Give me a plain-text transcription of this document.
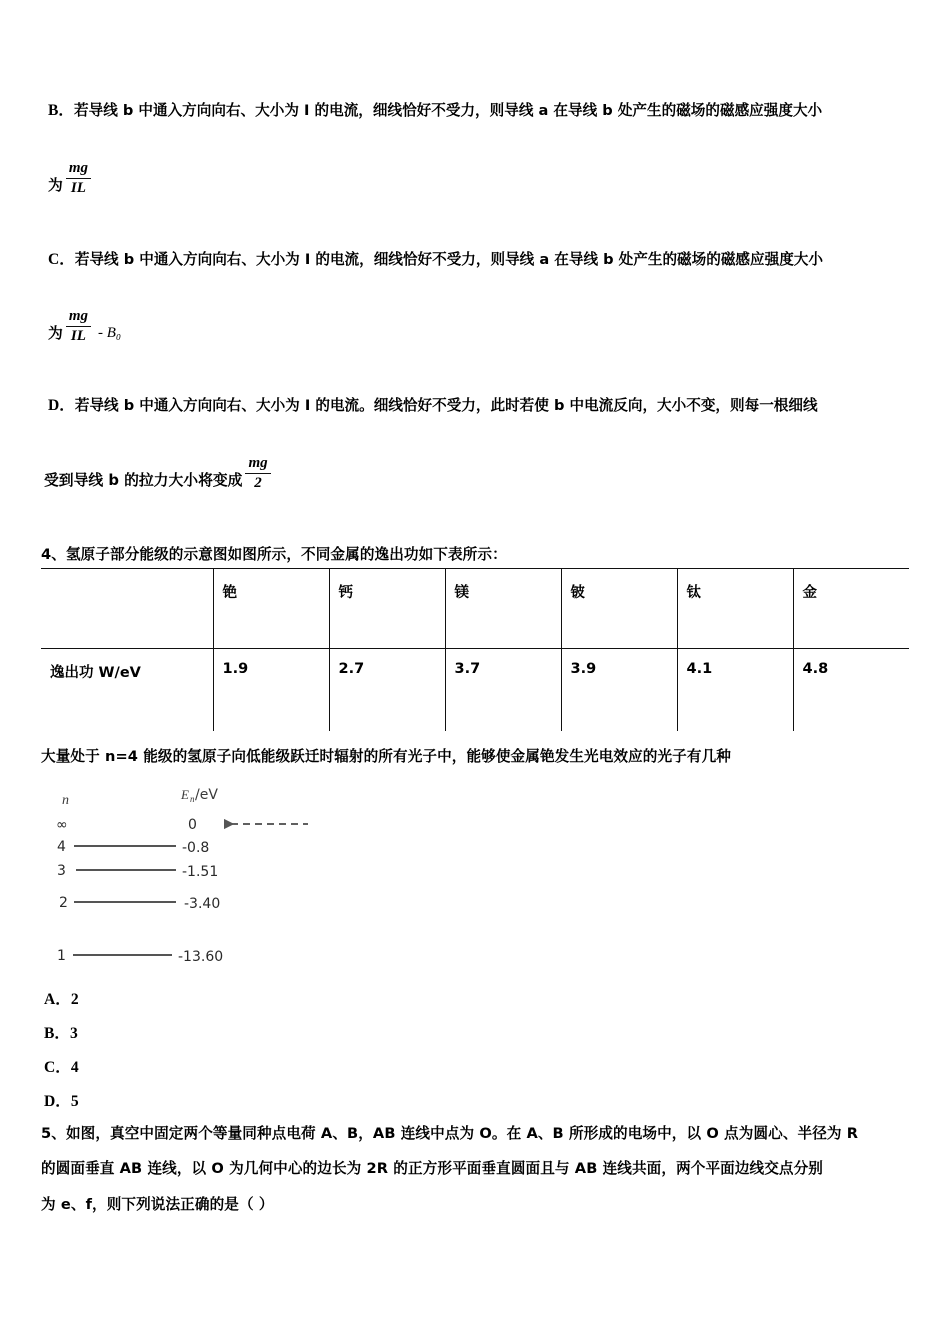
B．若导线 b 中通入方向向右、大小为 I 的电流，细线恰好不受力，则导线 a 在导线 b 处产生的磁场的磁感应强度大小
为 $\frac{mg}{IL}$
C．若导线 b 中通入方向向右、大小为 I 的电流，细线恰好不受力，则导线 a 在导线 b 处产生的磁场的磁感应强度大小
为 $\frac{mg}{IL} - B_0$
D．若导线 b 中通入方向向右、大小为 I 的电流。细线恰好不受力，此时若使 b 中电流反向，大小不变，则每一根细线
受到导线 b 的拉力大小将变成 $\frac{mg}{2}$
4、氢原子部分能级的示意图如图所示，不同金属的逸出功如下表所示：
	铯	钙	镁	铍	钛	金
逸出功 W/eV	1.9	2.7	3.7	3.9	4.1	4.8
大量处于 n=4 能级的氢原子向低能级跃迁时辐射的所有光子中，能够使金属铯发生光电效应的光子有几种
n	E n /eV
∞	0
4	-0.8
3	-1.51
2	-3.40
1	-13.60
A．2
B．3
C．4
D．5
5、如图，真空中固定两个等量同种点电荷 A、B，AB 连线中点为 O。在 A、B 所形成的电场中，以 O 点为圆心、半径为 R
的圆面垂直 AB 连线，以 O 为几何中心的边长为 2R 的正方形平面垂直圆面且与 AB 连线共面，两个平面边线交点分别
为 e、f，则下列说法正确的是（ ）
